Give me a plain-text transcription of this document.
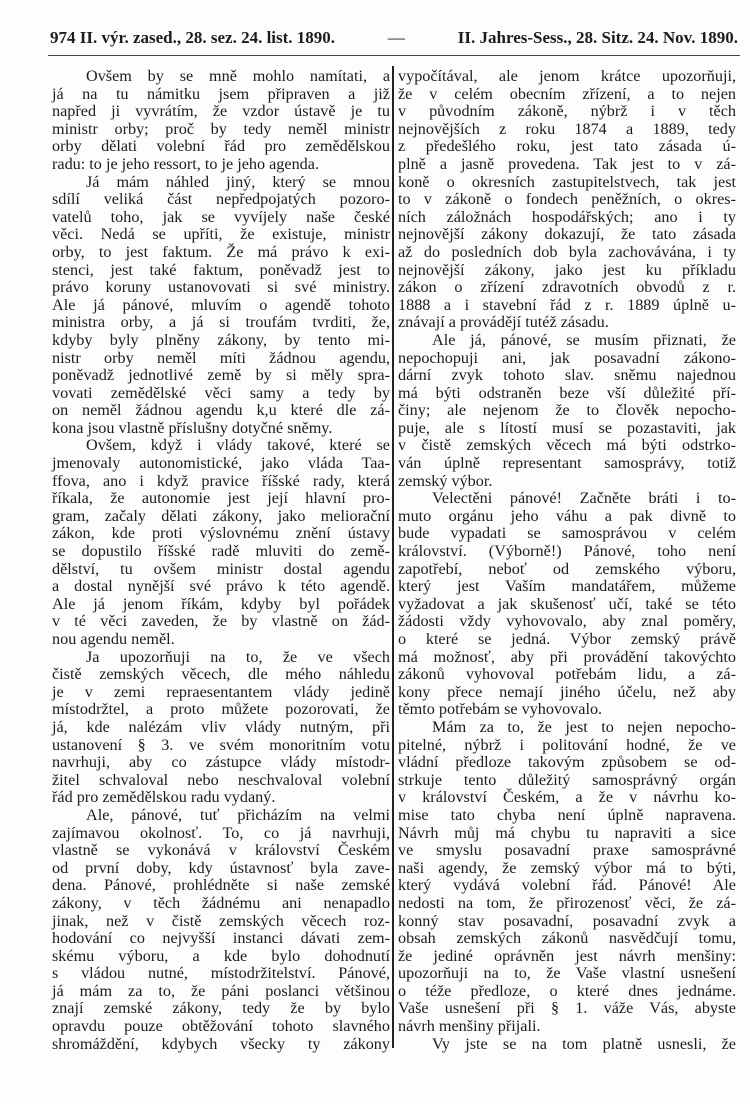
974 II. výr. zased., 28. sez. 24. list. 1890.	—	II. Jahres-Sess., 28. Sitz. 24. Nov. 1890.
Ovšem by se mně mohlo namítati, a
já na tu námitku jsem připraven a již
napřed ji vyvrátím, že vzdor ústavě je tu
ministr orby; proč by tedy neměl ministr
orby dělati volební řád pro zemědělskou
radu: to je jeho ressort, to je jeho agenda.
Já mám náhled jiný, který se mnou
sdílí veliká část nepředpojatých pozoro-
vatelů toho, jak se vyvíjely naše české
věci. Nedá se upříti, že existuje, ministr
orby, to jest faktum. Že má právo k exi-
stenci, jest také faktum, poněvadž jest to
právo koruny ustanovovati si své ministry.
Ale já pánové, mluvím o agendě tohoto
ministra orby, a já si troufám tvrditi, že,
kdyby byly plněny zákony, by tento mi-
nistr orby neměl míti žádnou agendu,
poněvadž jednotlivé země by si měly spra-
vovati zemědělské věci samy a tedy by
on neměl žádnou agendu k,u které dle zá-
kona jsou vlastně příslušny dotyčné sněmy.
Ovšem, když i vlády takové, které se
jmenovaly autonomistické, jako vláda Taa-
ffova, ano i když pravice říšské rady, která
říkala, že autonomie jest její hlavní pro-
gram, začaly dělati zákony, jako meliorační
zákon, kde proti výslovnému znění ústavy
se dopustilo říšské radě mluviti do země-
dělství, tu ovšem ministr dostal agendu
a dostal nynější své právo k této agendě.
Ale já jenom říkám, kdyby byl pořádek
v té věci zaveden, že by vlastně on žád-
nou agendu neměl.
Ja upozorňuji na to, že ve všech
čistě zemských věcech, dle mého náhledu
je v zemi repraesentantem vlády jedině
místodržtel, a proto můžete pozorovati, že
já, kde nalézám vliv vlády nutným, při
ustanovení § 3. ve svém monoritním votu
navrhuji, aby co zástupce vlády místodr-
žitel schvaloval nebo neschvaloval volební
řád pro zemědělskou radu vydaný.
Ale, pánové, tuť přicházím na velmi
zajímavou okolnosť. To, co já navrhuji,
vlastně se vykonává v království Českém
od první doby, kdy ústavnosť byla zave-
dena. Pánové, prohlédněte si naše zemské
zákony, v těch žádnému ani nenapadlo
jinak, než v čistě zemských věcech roz-
hodování co nejvyšší instanci dávati zem-
skému výboru, a kde bylo dohodnutí
s vládou nutné, místodržitelství. Pánové,
já mám za to, že páni poslanci většinou
znají zemské zákony, tedy že by bylo
opravdu pouze obtěžování tohoto slavného
shromáždění, kdybych všecky ty zákony
vypočítával, ale jenom krátce upozorňuji,
že v celém obecním zřízení, a to nejen
v původním zákoně, nýbrž i v těch
nejnovějších z roku 1874 a 1889, tedy
z předešlého roku, jest tato zásada ú-
plně a jasně provedena. Tak jest to v zá-
koně o okresních zastupitelstvech, tak jest
to v zákoně o fondech peněžních, o okres-
ních záložnách hospodářských; ano i ty
nejnovější zákony dokazují, že tato zásada
až do posledních dob byla zachovávána, i ty
nejnovější zákony, jako jest ku příkladu
zákon o zřízení zdravotních obvodů z r.
1888 a i stavební řád z r. 1889 úplně u-
znávají a provádějí tutéž zásadu.
Ale já, pánové, se musím přiznati, že
nepochopuji ani, jak posavadní zákono-
dární zvyk tohoto slav. sněmu najednou
má býti odstraněn beze vší důležité pří-
činy; ale nejenom že to člověk nepocho-
puje, ale s lítostí musí se pozastaviti, jak
v čistě zemských věcech má býti odstrko-
ván úplně representant samosprávy, totiž
zemský výbor.
Velectěni pánové! Začněte bráti i to-
muto orgánu jeho váhu a pak divně to
bude vypadati se samosprávou v celém
království. (Výborně!) Pánové, toho není
zapotřebí, neboť od zemského výboru,
který jest Vaším mandatářem, můžeme
vyžadovat a jak skušenosť učí, také se této
žádosti vždy vyhovovalo, aby znal poměry,
o které se jedná. Výbor zemský právě
má možnosť, aby při provádění takovýchto
zákonů vyhovoval potřebám lidu, a zá-
kony přece nemají jiného účelu, než aby
těmto potřebám se vyhovovalo.
Mám za to, že jest to nejen nepocho-
pitelné, nýbrž i politování hodné, že ve
vládní předloze takovým způsobem se od-
strkuje tento důležitý samosprávný orgán
v království Českém, a že v návrhu ko-
mise tato chyba není úplně napravena.
Návrh můj má chybu tu napraviti a sice
ve smyslu posavadní praxe samosprávné
naši agendy, že zemský výbor má to býti,
který vydává volební řád. Pánové! Ale
nedosti na tom, že přirozenosť věci, že zá-
konný stav posavadní, posavadní zvyk a
obsah zemských zákonů nasvědčují tomu,
že jediné oprávněn jest návrh menšiny:
upozorňuji na to, že Vaše vlastní usnešení
o téže předloze, o které dnes jednáme.
Vaše usnešení při § 1. váže Vás, abyste
návrh menšiny přijali.
Vy jste se na tom platně usnesli, že
